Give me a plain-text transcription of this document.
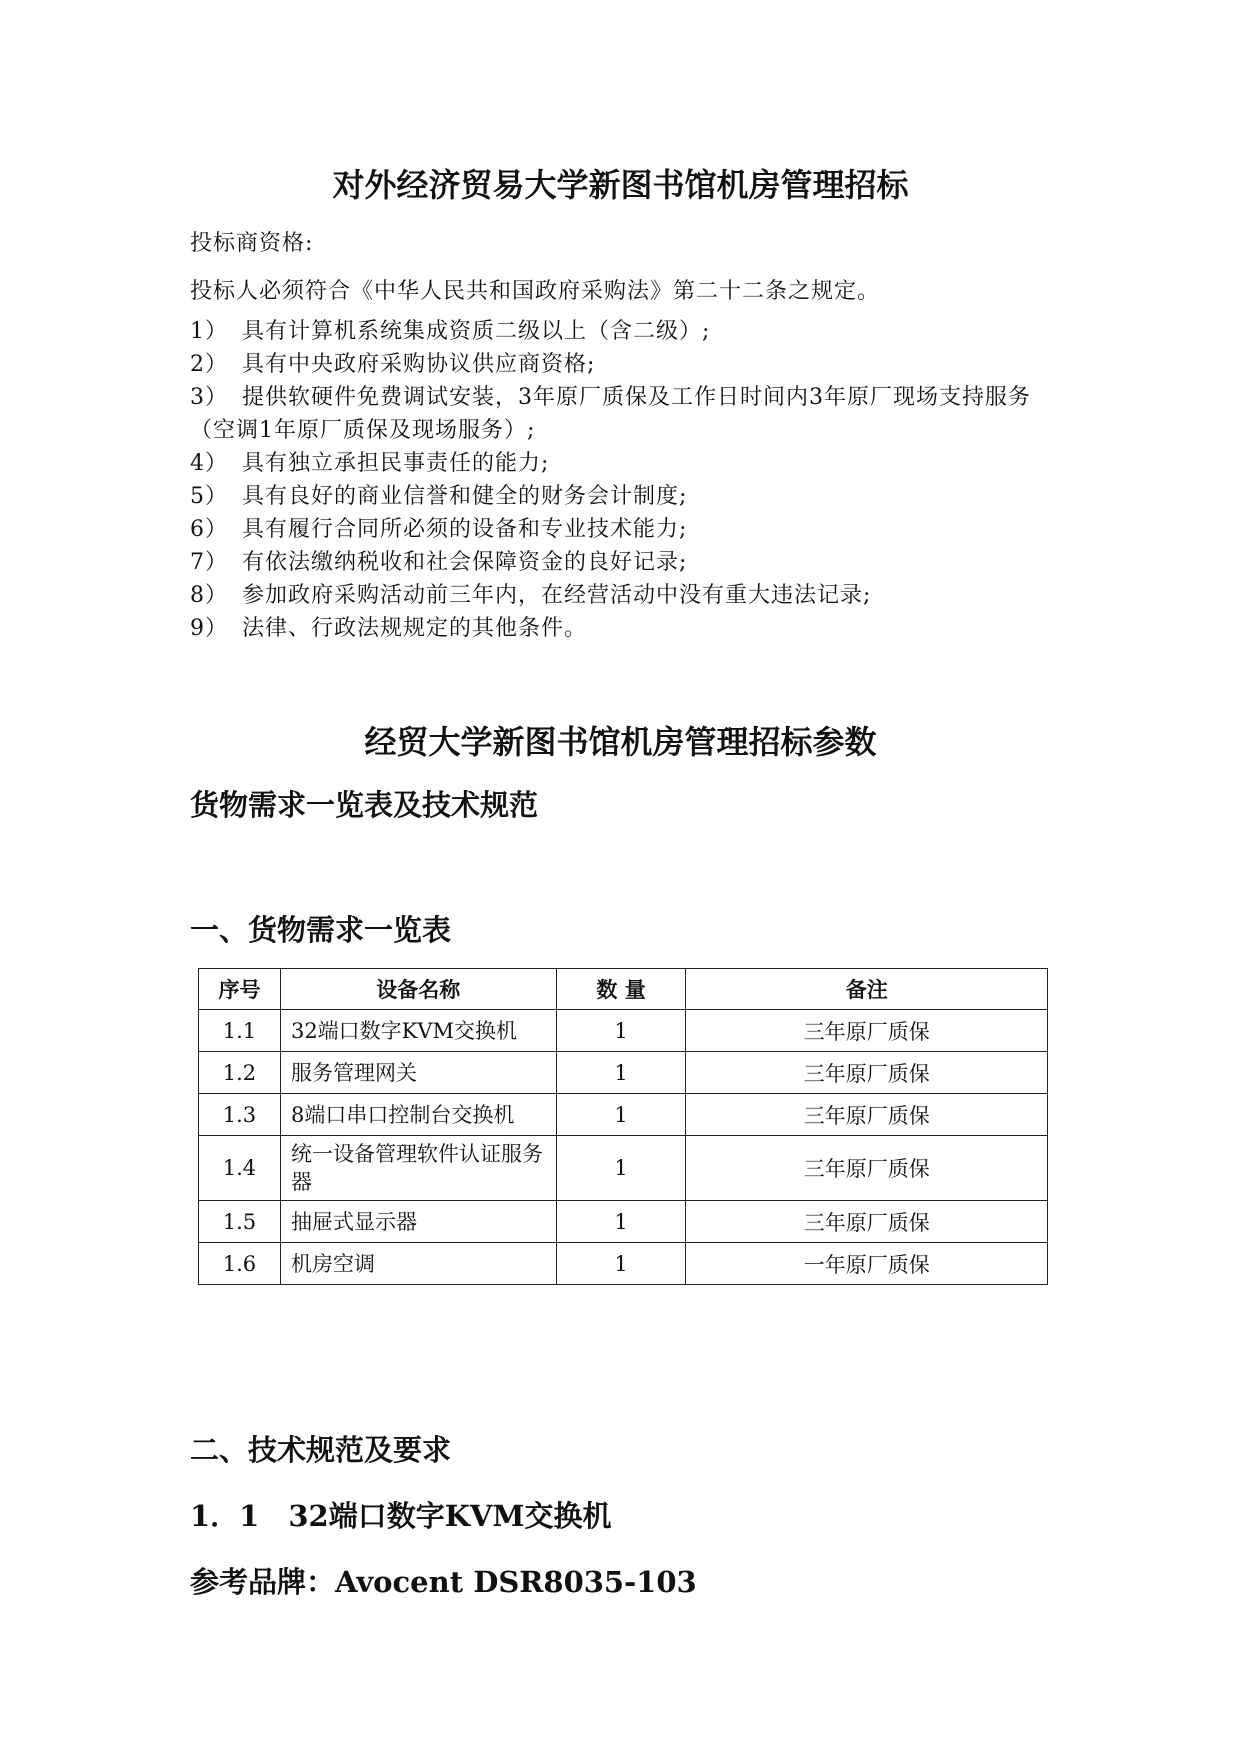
对外经济贸易大学新图书馆机房管理招标
投标商资格:
投标人必须符合《中华人民共和国政府采购法》第二十二条之规定。
1） 具有计算机系统集成资质二级以上（含二级）;
2） 具有中央政府采购协议供应商资格;
3） 提供软硬件免费调试安装，3年原厂质保及工作日时间内3年原厂现场支持服务（空调1年原厂质保及现场服务）;
4） 具有独立承担民事责任的能力;
5） 具有良好的商业信誉和健全的财务会计制度;
6） 具有履行合同所必须的设备和专业技术能力;
7） 有依法缴纳税收和社会保障资金的良好记录;
8） 参加政府采购活动前三年内，在经营活动中没有重大违法记录;
9） 法律、行政法规规定的其他条件。
经贸大学新图书馆机房管理招标参数
货物需求一览表及技术规范
一、货物需求一览表
序号	设备名称	数 量	备注
1.1	32端口数字KVM交换机	1	三年原厂质保
1.2	服务管理网关	1	三年原厂质保
1.3	8端口串口控制台交换机	1	三年原厂质保
1.4	统一设备管理软件认证服务器	1	三年原厂质保
1.5	抽屉式显示器	1	三年原厂质保
1.6	机房空调	1	一年原厂质保
二、技术规范及要求
1．1　32端口数字KVM交换机
参考品牌：Avocent DSR8035-103
